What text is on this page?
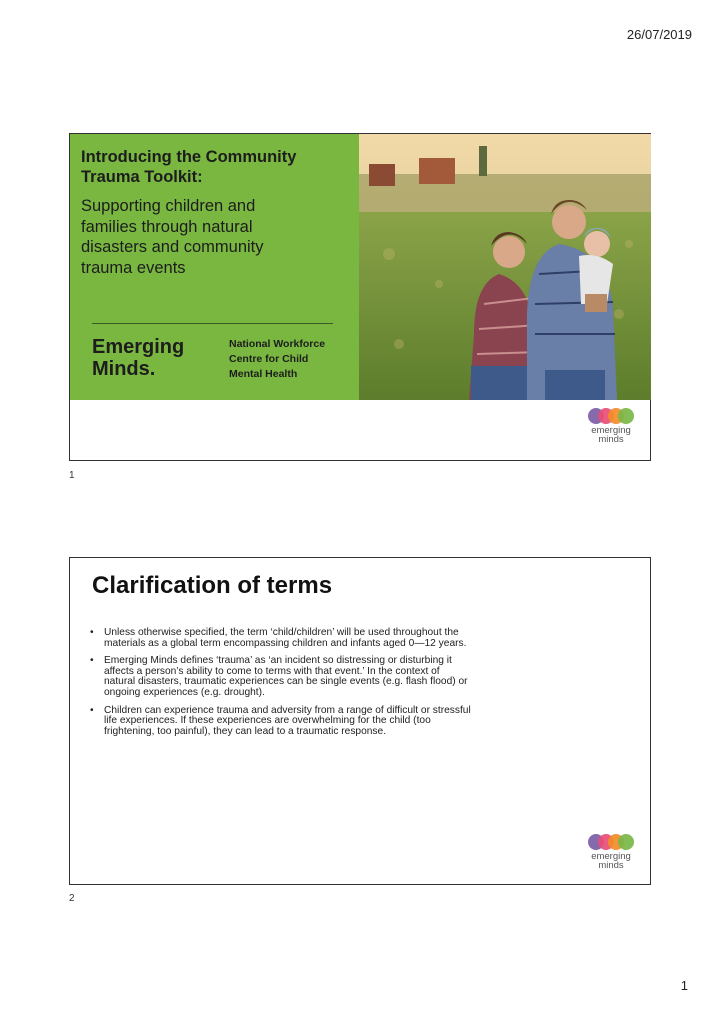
26/07/2019
Introducing the Community
Trauma Toolkit:
Supporting children and
families through natural
disasters and community
trauma events
Emerging
Minds.
National Workforce
Centre for Child
Mental Health
emerging
minds
1
Clarification of terms
• Unless otherwise specified, the term ‘child/children’ will be used throughout the
materials as a global term encompassing children and infants aged 0—12 years.
• Emerging Minds defines ‘trauma’ as ‘an incident so distressing or disturbing it
affects a person’s ability to come to terms with that event.’ In the context of
natural disasters, traumatic experiences can be single events (e.g. flash flood) or
ongoing experiences (e.g. drought).
• Children can experience trauma and adversity from a range of difficult or stressful
life experiences. If these experiences are overwhelming for the child (too
frightening, too painful), they can lead to a traumatic response.
emerging
minds
2
1
